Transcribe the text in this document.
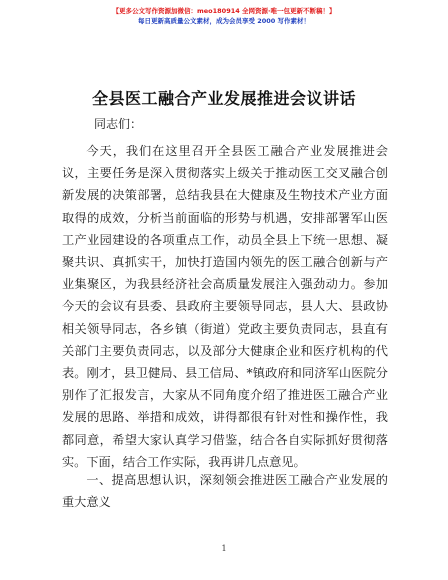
【更多公文写作资源加微信：meo180914 全网资源·唯一包更新不断稿！】
每日更新高质量公文素材，成为会员享受 2000 写作素材！
全县医工融合产业发展推进会议讲话
同志们：

今天，我们在这里召开全县医工融合产业发展推进会议，主要任务是深入贯彻落实上级关于推动医工交叉融合创新发展的决策部署，总结我县在大健康及生物技术产业方面取得的成效，分析当前面临的形势与机遇，安排部署军山医工产业园建设的各项重点工作，动员全县上下统一思想、凝聚共识、真抓实干，加快打造国内领先的医工融合创新与产业集聚区，为我县经济社会高质量发展注入强劲动力。参加今天的会议有县委、县政府主要领导同志，县人大、县政协相关领导同志，各乡镇（街道）党政主要负责同志，县直有关部门主要负责同志，以及部分大健康企业和医疗机构的代表。刚才，县卫健局、县工信局、*镇政府和同济军山医院分别作了汇报发言，大家从不同角度介绍了推进医工融合产业发展的思路、举措和成效，讲得都很有针对性和操作性，我都同意，希望大家认真学习借鉴，结合各自实际抓好贯彻落实。下面，结合工作实际，我再讲几点意见。

一、提高思想认识，深刻领会推进医工融合产业发展的重大意义

1
